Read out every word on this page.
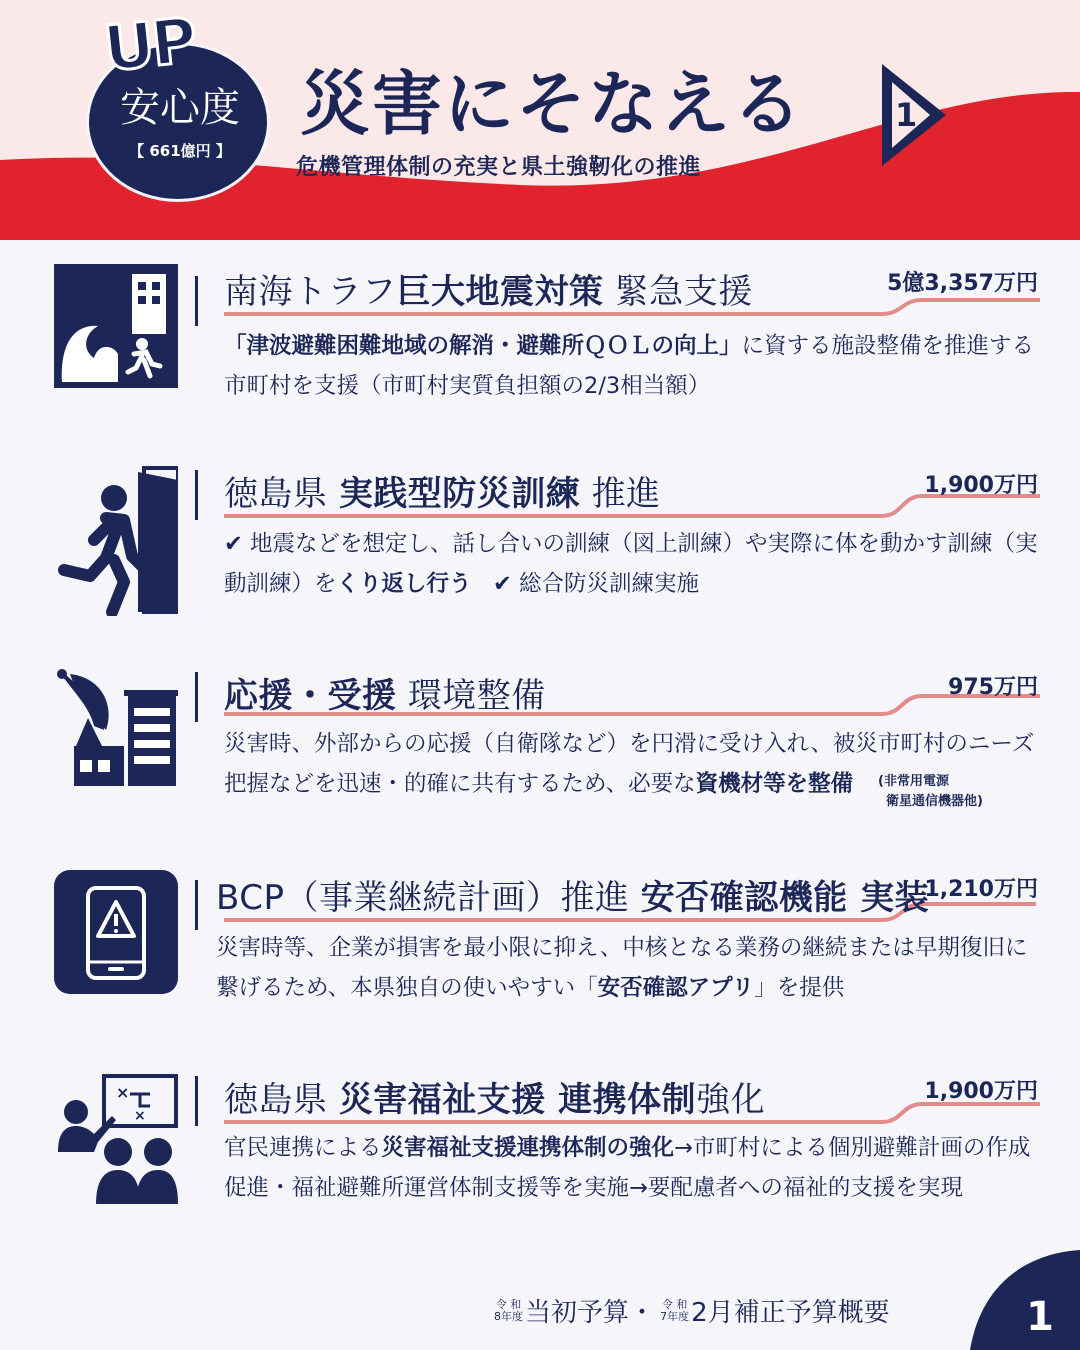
UP
安心度
【 661億円 】
災害にそなえる
危機管理体制の充実と県土強靭化の推進
1
南海トラフ巨大地震対策 緊急支援	5億3,357万円
「津波避難困難地域の解消・避難所ＱＯＬの向上」に資する施設整備を推進する
市町村を支援（市町村実質負担額の2/3相当額）
徳島県 実践型防災訓練 推進	1,900万円
✔ 地震などを想定し、話し合いの訓練（図上訓練）や実際に体を動かす訓練（実
動訓練）をくり返し行う ✔ 総合防災訓練実施
応援・受援 環境整備	975万円
災害時、外部からの応援（自衛隊など）を円滑に受け入れ、被災市町村のニーズ
把握などを迅速・的確に共有するため、必要な資機材等を整備	(非常用電源
衛星通信機器他)
BCP（事業継続計画）推進 安否確認機能 実装
1,210万円
災害時等、企業が損害を最小限に抑え、中核となる業務の継続または早期復旧に
繋げるため、本県独自の使いやすい「安否確認アプリ」を提供
×
× 徳島県 災害福祉支援 連携体制強化	1,900万円
官民連携による災害福祉支援連携体制の強化→市町村による個別避難計画の作成
促進・福祉避難所運営体制支援等を実施→要配慮者への福祉的支援を実現
令 和
8年度当初予算・ 令 和
7年度2月補正予算概要	1
